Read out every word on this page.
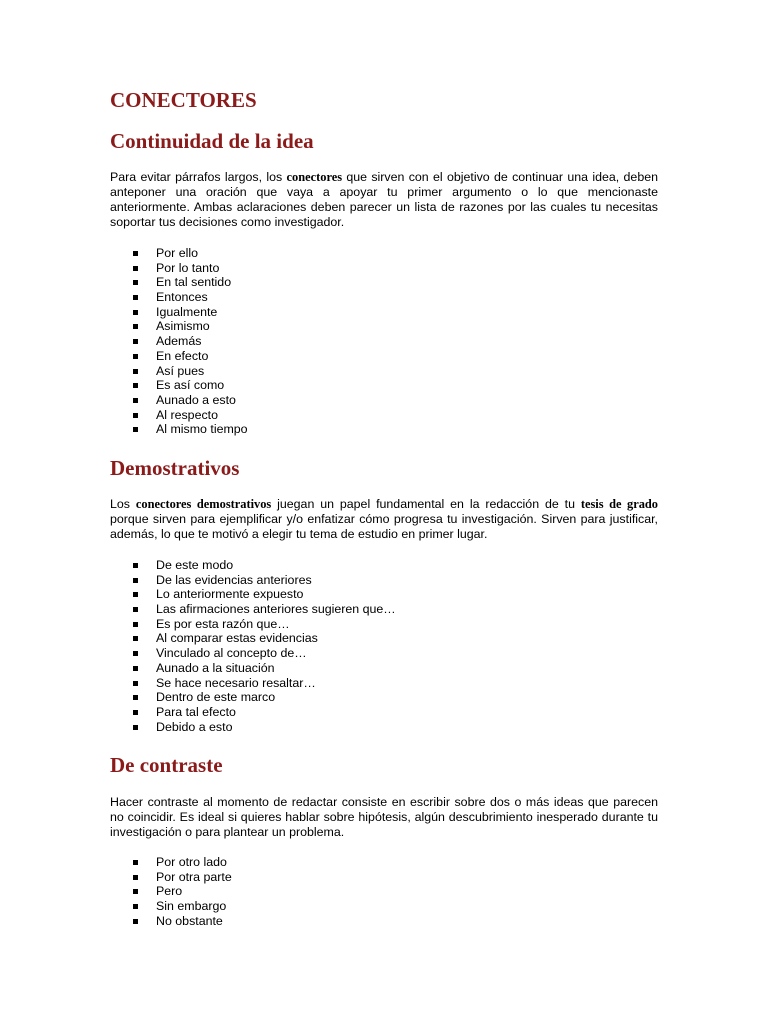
CONECTORES
Continuidad de la idea
Para evitar párrafos largos, los conectores que sirven con el objetivo de continuar una idea, deben anteponer una oración que vaya a apoyar tu primer argumento o lo que mencionaste anteriormente. Ambas aclaraciones deben parecer un lista de razones por las cuales tu necesitas soportar tus decisiones como investigador.
Por ello
Por lo tanto
En tal sentido
Entonces
Igualmente
Asimismo
Además
En efecto
Así pues
Es así como
Aunado a esto
Al respecto
Al mismo tiempo
Demostrativos
Los conectores demostrativos juegan un papel fundamental en la redacción de tu tesis de grado porque sirven para ejemplificar y/o enfatizar cómo progresa tu investigación. Sirven para justificar, además, lo que te motivó a elegir tu tema de estudio en primer lugar.
De este modo
De las evidencias anteriores
Lo anteriormente expuesto
Las afirmaciones anteriores sugieren que…
Es por esta razón que…
Al comparar estas evidencias
Vinculado al concepto de…
Aunado a la situación
Se hace necesario resaltar…
Dentro de este marco
Para tal efecto
Debido a esto
De contraste
Hacer contraste al momento de redactar consiste en escribir sobre dos o más ideas que parecen no coincidir. Es ideal si quieres hablar sobre hipótesis, algún descubrimiento inesperado durante tu investigación o para plantear un problema.
Por otro lado
Por otra parte
Pero
Sin embargo
No obstante
